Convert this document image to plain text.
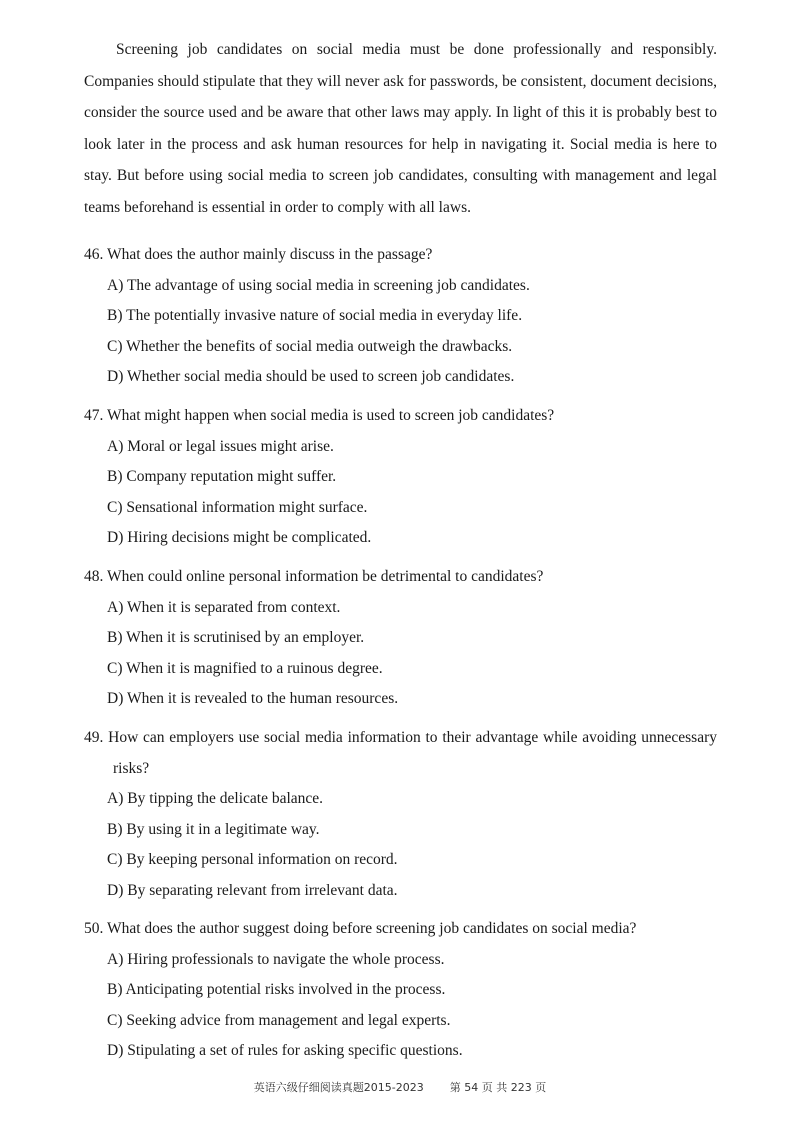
Screening job candidates on social media must be done professionally and responsibly. Companies should stipulate that they will never ask for passwords, be consistent, document decisions, consider the source used and be aware that other laws may apply. In light of this it is probably best to look later in the process and ask human resources for help in navigating it. Social media is here to stay. But before using social media to screen job candidates, consulting with management and legal teams beforehand is essential in order to comply with all laws.

46. What does the author mainly discuss in the passage?

A) The advantage of using social media in screening job candidates.
B) The potentially invasive nature of social media in everyday life.
C) Whether the benefits of social media outweigh the drawbacks.
D) Whether social media should be used to screen job candidates.

47. What might happen when social media is used to screen job candidates?

A) Moral or legal issues might arise.
B) Company reputation might suffer.
C) Sensational information might surface.
D) Hiring decisions might be complicated.

48. When could online personal information be detrimental to candidates?

A) When it is separated from context.
B) When it is scrutinised by an employer.
C) When it is magnified to a ruinous degree.
D) When it is revealed to the human resources.

49. How can employers use social media information to their advantage while avoiding unnecessary risks?

A) By tipping the delicate balance.
B) By using it in a legitimate way.
C) By keeping personal information on record.
D) By separating relevant from irrelevant data.

50. What does the author suggest doing before screening job candidates on social media?

A) Hiring professionals to navigate the whole process.
B) Anticipating potential risks involved in the process.
C) Seeking advice from management and legal experts.
D) Stipulating a set of rules for asking specific questions.
英语六级仔细阅读真题2015-2023 第 54 页 共 223 页
